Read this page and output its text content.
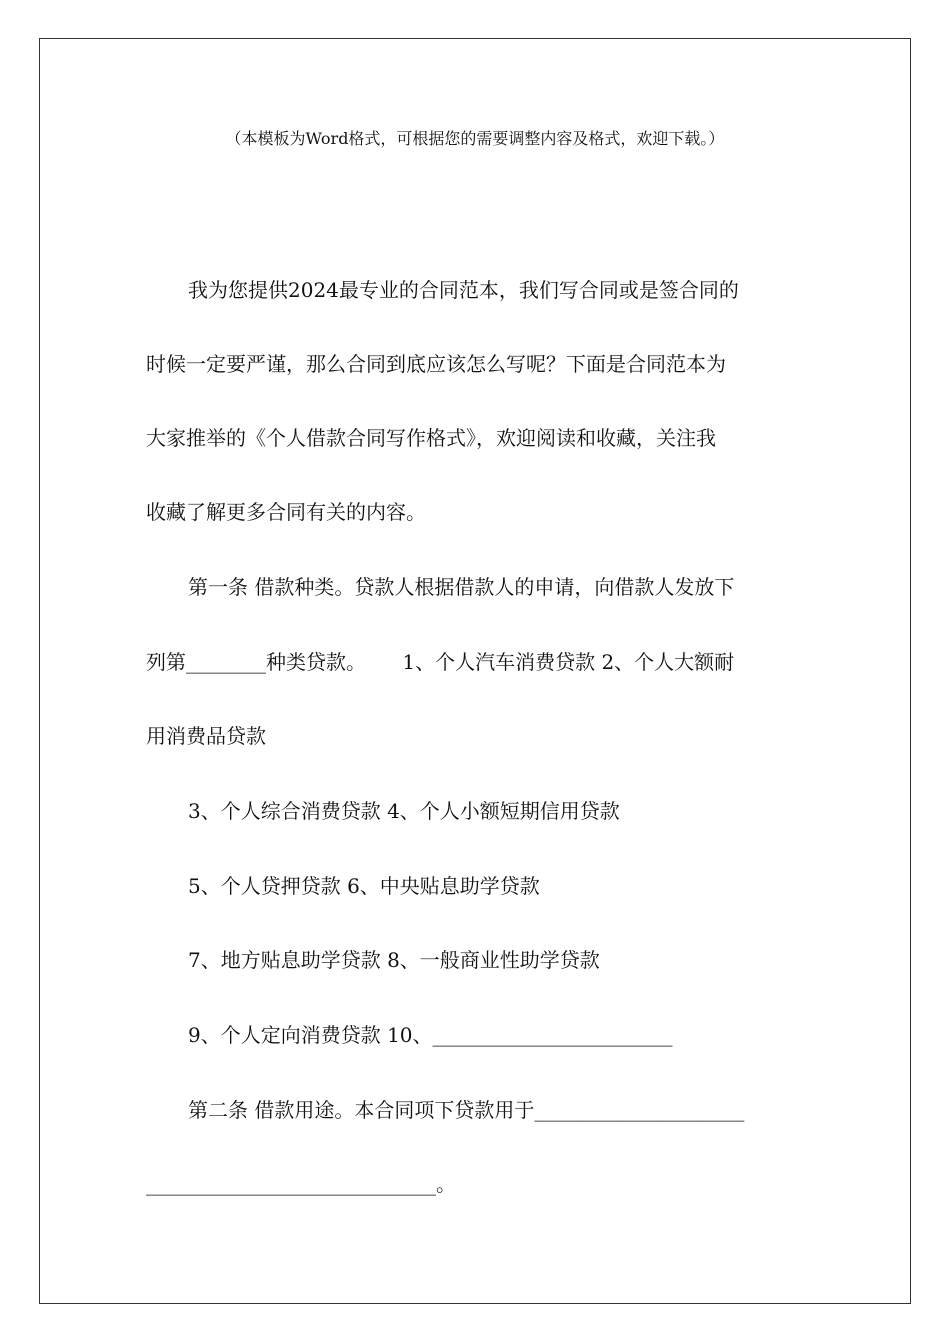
（本模板为Word格式，可根据您的需要调整内容及格式，欢迎下载。）
我为您提供2024最专业的合同范本，我们写合同或是签合同的
时候一定要严谨，那么合同到底应该怎么写呢？下面是合同范本为
大家推举的《个人借款合同写作格式》，欢迎阅读和收藏，关注我
收藏了解更多合同有关的内容。
第一条 借款种类。贷款人根据借款人的申请，向借款人发放下
列第________种类贷款。　　 1、个人汽车消费贷款 2、个人大额耐
用消费品贷款
3、个人综合消费贷款 4、个人小额短期信用贷款
5、个人贷押贷款 6、中央贴息助学贷款
7、地方贴息助学贷款 8、一般商业性助学贷款
9、个人定向消费贷款 10、________________________
第二条 借款用途。本合同项下贷款用于_____________________
_____________________________。
